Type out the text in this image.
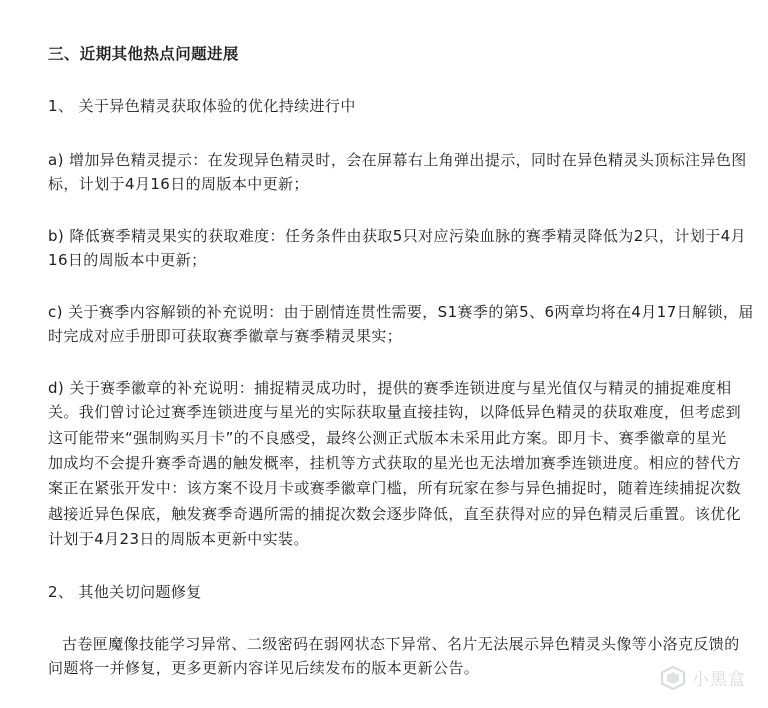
三、近期其他热点问题进展
1、 关于异色精灵获取体验的优化持续进行中
a) 增加异色精灵提示：在发现异色精灵时，会在屏幕右上角弹出提示，同时在异色精灵头顶标注异色图
标，计划于4月16日的周版本中更新；
b) 降低赛季精灵果实的获取难度：任务条件由获取5只对应污染血脉的赛季精灵降低为2只，计划于4月
16日的周版本中更新；
c) 关于赛季内容解锁的补充说明：由于剧情连贯性需要，S1赛季的第5、6两章均将在4月17日解锁，届
时完成对应手册即可获取赛季徽章与赛季精灵果实；
d) 关于赛季徽章的补充说明：捕捉精灵成功时，提供的赛季连锁进度与星光值仅与精灵的捕捉难度相
关。我们曾讨论过赛季连锁进度与星光的实际获取量直接挂钩，以降低异色精灵的获取难度，但考虑到
这可能带来“强制购买月卡”的不良感受，最终公测正式版本未采用此方案。即月卡、赛季徽章的星光
加成均不会提升赛季奇遇的触发概率，挂机等方式获取的星光也无法增加赛季连锁进度。相应的替代方
案正在紧张开发中：该方案不设月卡或赛季徽章门槛，所有玩家在参与异色捕捉时，随着连续捕捉次数
越接近异色保底，触发赛季奇遇所需的捕捉次数会逐步降低，直至获得对应的异色精灵后重置。该优化
计划于4月23日的周版本更新中实装。
2、 其他关切问题修复
古卷匣魔像技能学习异常、二级密码在弱网状态下异常、名片无法展示异色精灵头像等小洛克反馈的
问题将一并修复，更多更新内容详见后续发布的版本更新公告。
小黑盒
